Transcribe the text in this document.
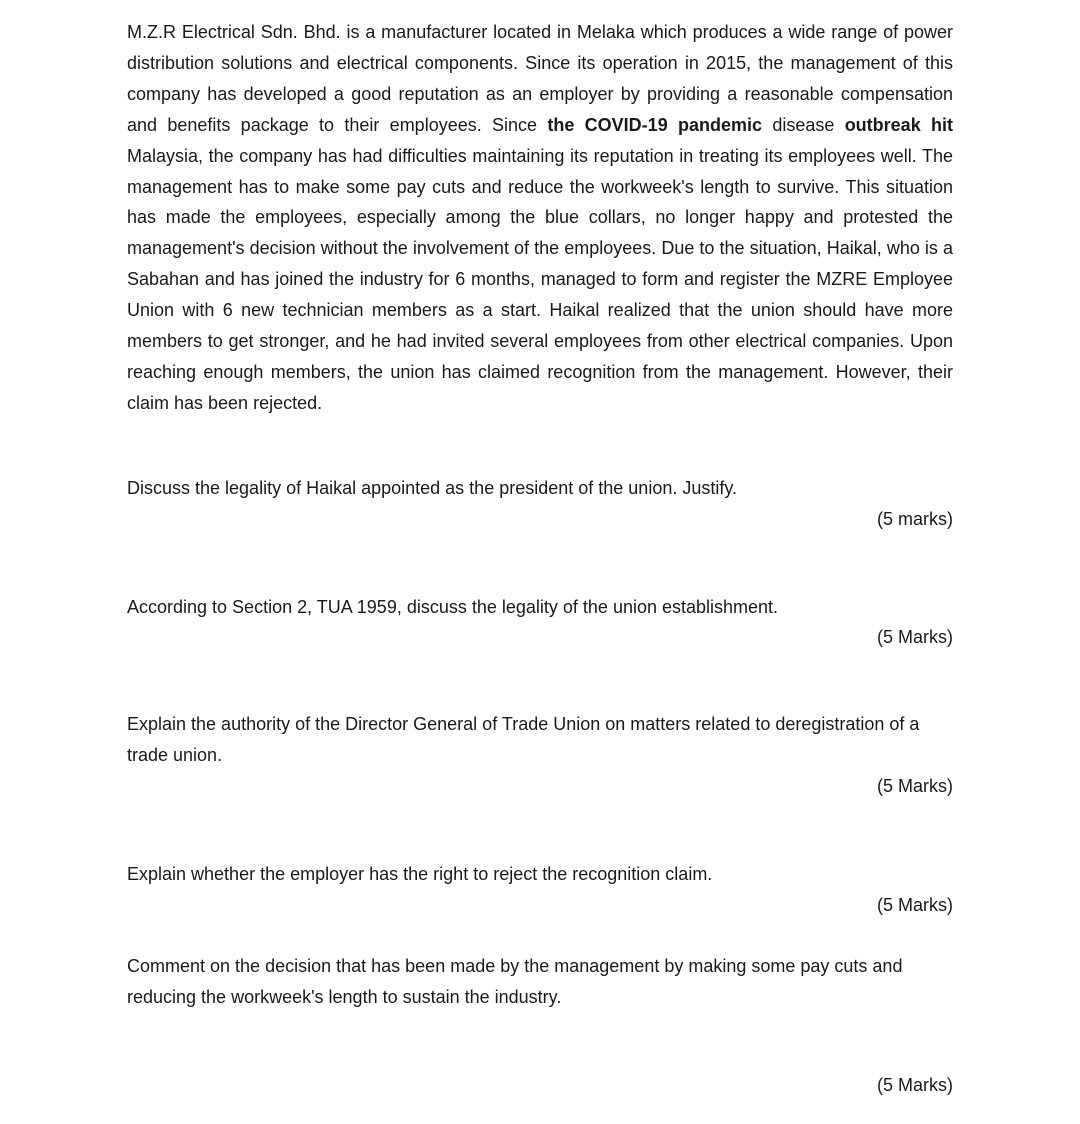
M.Z.R Electrical Sdn. Bhd. is a manufacturer located in Melaka which produces a wide range of power distribution solutions and electrical components. Since its operation in 2015, the management of this company has developed a good reputation as an employer by providing a reasonable compensation and benefits package to their employees. Since the COVID-19 pandemic disease outbreak hit Malaysia, the company has had difficulties maintaining its reputation in treating its employees well. The management has to make some pay cuts and reduce the workweek's length to survive. This situation has made the employees, especially among the blue collars, no longer happy and protested the management's decision without the involvement of the employees. Due to the situation, Haikal, who is a Sabahan and has joined the industry for 6 months, managed to form and register the MZRE Employee Union with 6 new technician members as a start. Haikal realized that the union should have more members to get stronger, and he had invited several employees from other electrical companies. Upon reaching enough members, the union has claimed recognition from the management. However, their claim has been rejected.

Discuss the legality of Haikal appointed as the president of the union. Justify.

(5 marks)

According to Section 2, TUA 1959, discuss the legality of the union establishment.

(5 Marks)

Explain the authority of the Director General of Trade Union on matters related to deregistration of a trade union.

(5 Marks)

Explain whether the employer has the right to reject the recognition claim.

(5 Marks)

Comment on the decision that has been made by the management by making some pay cuts and reducing the workweek's length to sustain the industry.

(5 Marks)
